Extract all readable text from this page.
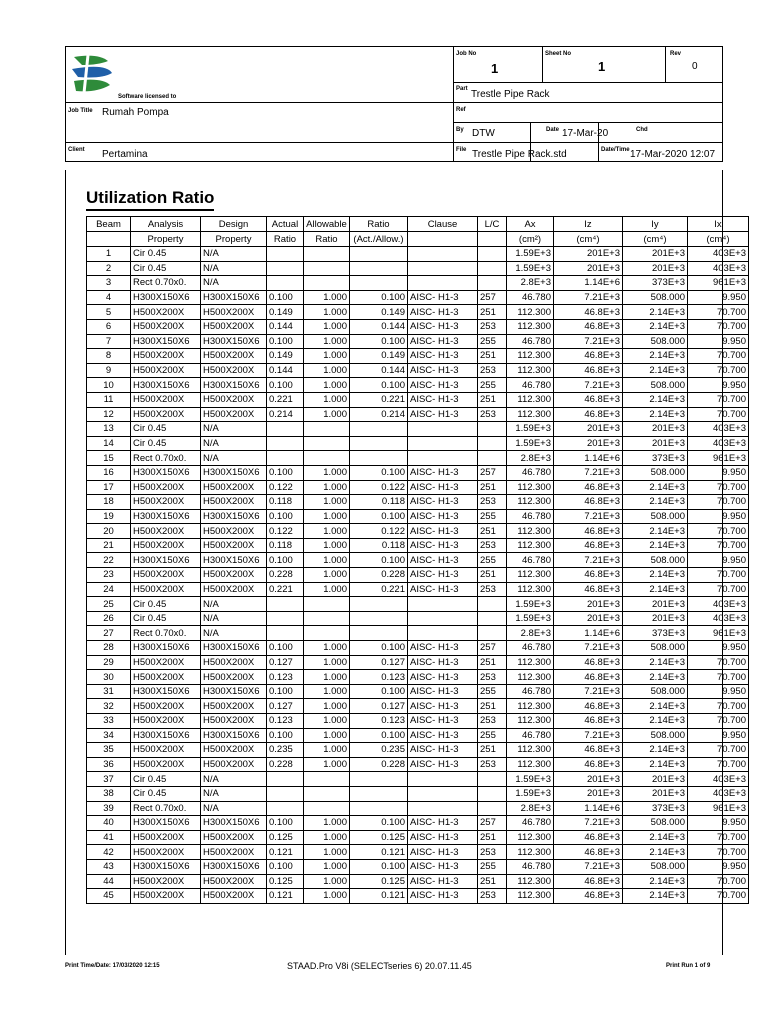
Software licensed to
Job No
1
Sheet No
1
Rev
0
Part Trestle Pipe Rack
Job Title Rumah Pompa	Ref
By DTW	Date 17-Mar-20	Chd
Client Pertamina	File Trestle Pipe Rack.std	Date/Time 17-Mar-2020 12:07
Utilization Ratio
Beam	Analysis	Design	Actual	Allowable	Ratio	Clause	L/C	Ax	Iz	Iy	Ix
	Property	Property	Ratio	Ratio	(Act./Allow.)			(cm²)	(cm⁴)	(cm⁴)	(cm⁴)
1	Cir 0.45	N/A						1.59E+3	201E+3	201E+3	403E+3
2	Cir 0.45	N/A						1.59E+3	201E+3	201E+3	403E+3
3	Rect 0.70x0.	N/A						2.8E+3	1.14E+6	373E+3	961E+3
4	H300X150X6	H300X150X6	0.100	1.000	0.100	AISC- H1-3	257	46.780	7.21E+3	508.000	9.950
5	H500X200X	H500X200X	0.149	1.000	0.149	AISC- H1-3	251	112.300	46.8E+3	2.14E+3	70.700
6	H500X200X	H500X200X	0.144	1.000	0.144	AISC- H1-3	253	112.300	46.8E+3	2.14E+3	70.700
7	H300X150X6	H300X150X6	0.100	1.000	0.100	AISC- H1-3	255	46.780	7.21E+3	508.000	9.950
8	H500X200X	H500X200X	0.149	1.000	0.149	AISC- H1-3	251	112.300	46.8E+3	2.14E+3	70.700
9	H500X200X	H500X200X	0.144	1.000	0.144	AISC- H1-3	253	112.300	46.8E+3	2.14E+3	70.700
10	H300X150X6	H300X150X6	0.100	1.000	0.100	AISC- H1-3	255	46.780	7.21E+3	508.000	9.950
11	H500X200X	H500X200X	0.221	1.000	0.221	AISC- H1-3	251	112.300	46.8E+3	2.14E+3	70.700
12	H500X200X	H500X200X	0.214	1.000	0.214	AISC- H1-3	253	112.300	46.8E+3	2.14E+3	70.700
13	Cir 0.45	N/A						1.59E+3	201E+3	201E+3	403E+3
14	Cir 0.45	N/A						1.59E+3	201E+3	201E+3	403E+3
15	Rect 0.70x0.	N/A						2.8E+3	1.14E+6	373E+3	961E+3
16	H300X150X6	H300X150X6	0.100	1.000	0.100	AISC- H1-3	257	46.780	7.21E+3	508.000	9.950
17	H500X200X	H500X200X	0.122	1.000	0.122	AISC- H1-3	251	112.300	46.8E+3	2.14E+3	70.700
18	H500X200X	H500X200X	0.118	1.000	0.118	AISC- H1-3	253	112.300	46.8E+3	2.14E+3	70.700
19	H300X150X6	H300X150X6	0.100	1.000	0.100	AISC- H1-3	255	46.780	7.21E+3	508.000	9.950
20	H500X200X	H500X200X	0.122	1.000	0.122	AISC- H1-3	251	112.300	46.8E+3	2.14E+3	70.700
21	H500X200X	H500X200X	0.118	1.000	0.118	AISC- H1-3	253	112.300	46.8E+3	2.14E+3	70.700
22	H300X150X6	H300X150X6	0.100	1.000	0.100	AISC- H1-3	255	46.780	7.21E+3	508.000	9.950
23	H500X200X	H500X200X	0.228	1.000	0.228	AISC- H1-3	251	112.300	46.8E+3	2.14E+3	70.700
24	H500X200X	H500X200X	0.221	1.000	0.221	AISC- H1-3	253	112.300	46.8E+3	2.14E+3	70.700
25	Cir 0.45	N/A						1.59E+3	201E+3	201E+3	403E+3
26	Cir 0.45	N/A						1.59E+3	201E+3	201E+3	403E+3
27	Rect 0.70x0.	N/A						2.8E+3	1.14E+6	373E+3	961E+3
28	H300X150X6	H300X150X6	0.100	1.000	0.100	AISC- H1-3	257	46.780	7.21E+3	508.000	9.950
29	H500X200X	H500X200X	0.127	1.000	0.127	AISC- H1-3	251	112.300	46.8E+3	2.14E+3	70.700
30	H500X200X	H500X200X	0.123	1.000	0.123	AISC- H1-3	253	112.300	46.8E+3	2.14E+3	70.700
31	H300X150X6	H300X150X6	0.100	1.000	0.100	AISC- H1-3	255	46.780	7.21E+3	508.000	9.950
32	H500X200X	H500X200X	0.127	1.000	0.127	AISC- H1-3	251	112.300	46.8E+3	2.14E+3	70.700
33	H500X200X	H500X200X	0.123	1.000	0.123	AISC- H1-3	253	112.300	46.8E+3	2.14E+3	70.700
34	H300X150X6	H300X150X6	0.100	1.000	0.100	AISC- H1-3	255	46.780	7.21E+3	508.000	9.950
35	H500X200X	H500X200X	0.235	1.000	0.235	AISC- H1-3	251	112.300	46.8E+3	2.14E+3	70.700
36	H500X200X	H500X200X	0.228	1.000	0.228	AISC- H1-3	253	112.300	46.8E+3	2.14E+3	70.700
37	Cir 0.45	N/A						1.59E+3	201E+3	201E+3	403E+3
38	Cir 0.45	N/A						1.59E+3	201E+3	201E+3	403E+3
39	Rect 0.70x0.	N/A						2.8E+3	1.14E+6	373E+3	961E+3
40	H300X150X6	H300X150X6	0.100	1.000	0.100	AISC- H1-3	257	46.780	7.21E+3	508.000	9.950
41	H500X200X	H500X200X	0.125	1.000	0.125	AISC- H1-3	251	112.300	46.8E+3	2.14E+3	70.700
42	H500X200X	H500X200X	0.121	1.000	0.121	AISC- H1-3	253	112.300	46.8E+3	2.14E+3	70.700
43	H300X150X6	H300X150X6	0.100	1.000	0.100	AISC- H1-3	255	46.780	7.21E+3	508.000	9.950
44	H500X200X	H500X200X	0.125	1.000	0.125	AISC- H1-3	251	112.300	46.8E+3	2.14E+3	70.700
45	H500X200X	H500X200X	0.121	1.000	0.121	AISC- H1-3	253	112.300	46.8E+3	2.14E+3	70.700
Print Time/Date: 17/03/2020 12:15	STAAD.Pro V8i (SELECTseries 6) 20.07.11.45	Print Run 1 of 9
